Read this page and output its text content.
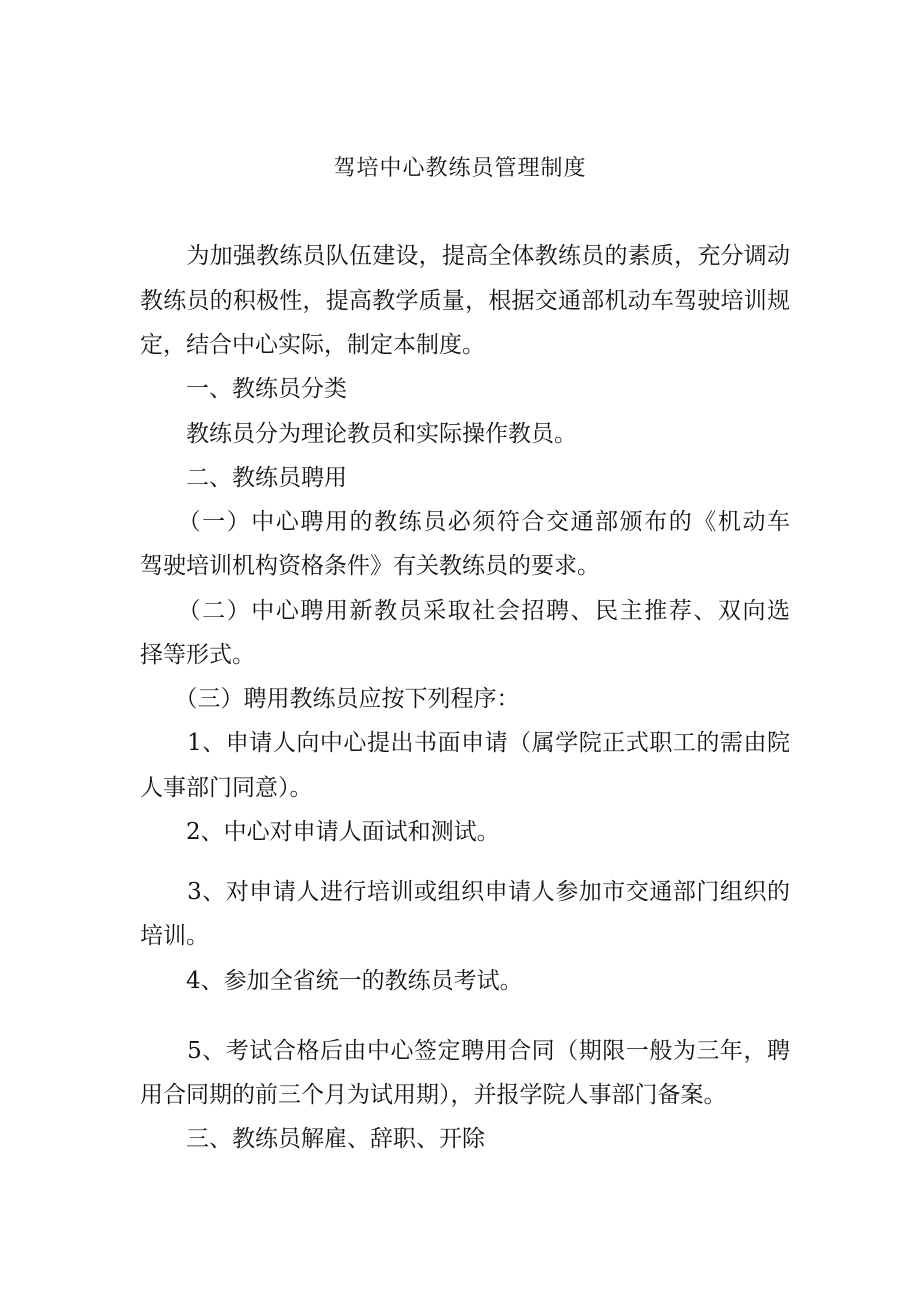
驾培中心教练员管理制度
　　为加强教练员队伍建设，提高全体教练员的素质，充分调动
教练员的积极性，提高教学质量，根据交通部机动车驾驶培训规
定，结合中心实际，制定本制度。
　　一、教练员分类
　　教练员分为理论教员和实际操作教员。
　　二、教练员聘用
　　（一）中心聘用的教练员必须符合交通部颁布的《机动车
驾驶培训机构资格条件》有关教练员的要求。
　　（二）中心聘用新教员采取社会招聘、民主推荐、双向选
择等形式。
　　（三）聘用教练员应按下列程序：
　　1、申请人向中心提出书面申请（属学院正式职工的需由院
人事部门同意）。
　　2、中心对申请人面试和测试。
　　3、对申请人进行培训或组织申请人参加市交通部门组织的
培训。
　　4、参加全省统一的教练员考试。
　　5、考试合格后由中心签定聘用合同（期限一般为三年，聘
用合同期的前三个月为试用期），并报学院人事部门备案。
　　三、教练员解雇、辞职、开除
